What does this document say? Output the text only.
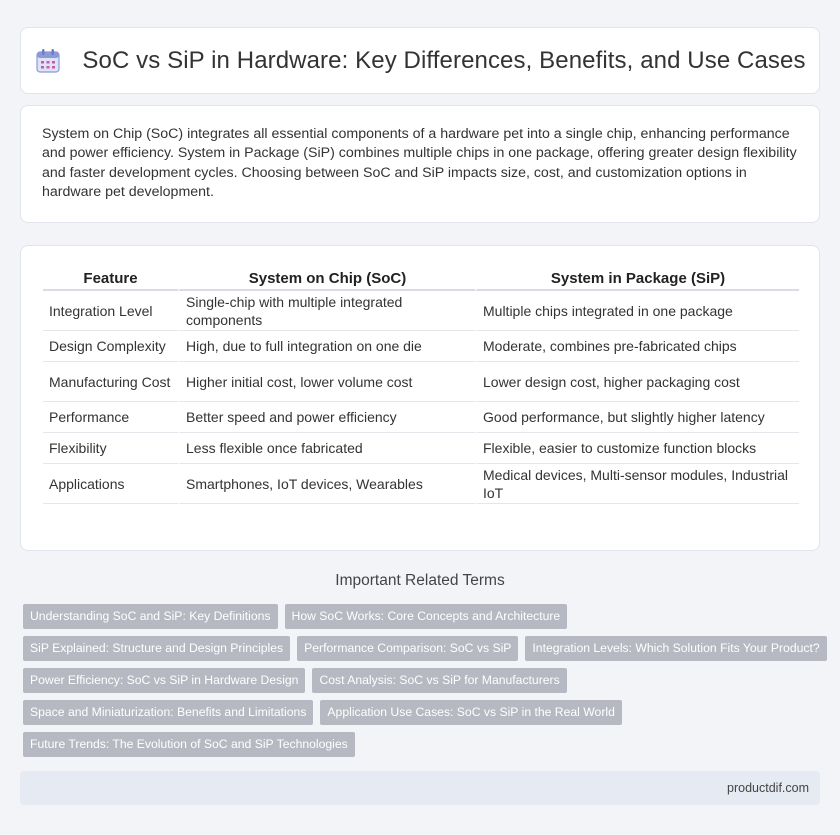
SoC vs SiP in Hardware: Key Differences, Benefits, and Use Cases

System on Chip (SoC) integrates all essential components of a hardware pet into a single chip, enhancing performance and power efficiency. System in Package (SiP) combines multiple chips in one package, offering greater design flexibility and faster development cycles. Choosing between SoC and SiP impacts size, cost, and customization options in hardware pet development.

Feature	System on Chip (SoC)	System in Package (SiP)
Integration Level	Single-chip with multiple integrated components	Multiple chips integrated in one package
Design Complexity	High, due to full integration on one die	Moderate, combines pre-fabricated chips
Manufacturing Cost	Higher initial cost, lower volume cost	Lower design cost, higher packaging cost
Performance	Better speed and power efficiency	Good performance, but slightly higher latency
Flexibility	Less flexible once fabricated	Flexible, easier to customize function blocks
Applications	Smartphones, IoT devices, Wearables	Medical devices, Multi-sensor modules, Industrial IoT
Important Related Terms
Understanding SoC and SiP: Key Definitions	How SoC Works: Core Concepts and Architecture
SiP Explained: Structure and Design Principles	Performance Comparison: SoC vs SiP	Integration Levels: Which Solution Fits Your Product?
Power Efficiency: SoC vs SiP in Hardware Design	Cost Analysis: SoC vs SiP for Manufacturers
Space and Miniaturization: Benefits and Limitations	Application Use Cases: SoC vs SiP in the Real World
Future Trends: The Evolution of SoC and SiP Technologies
productdif.com
